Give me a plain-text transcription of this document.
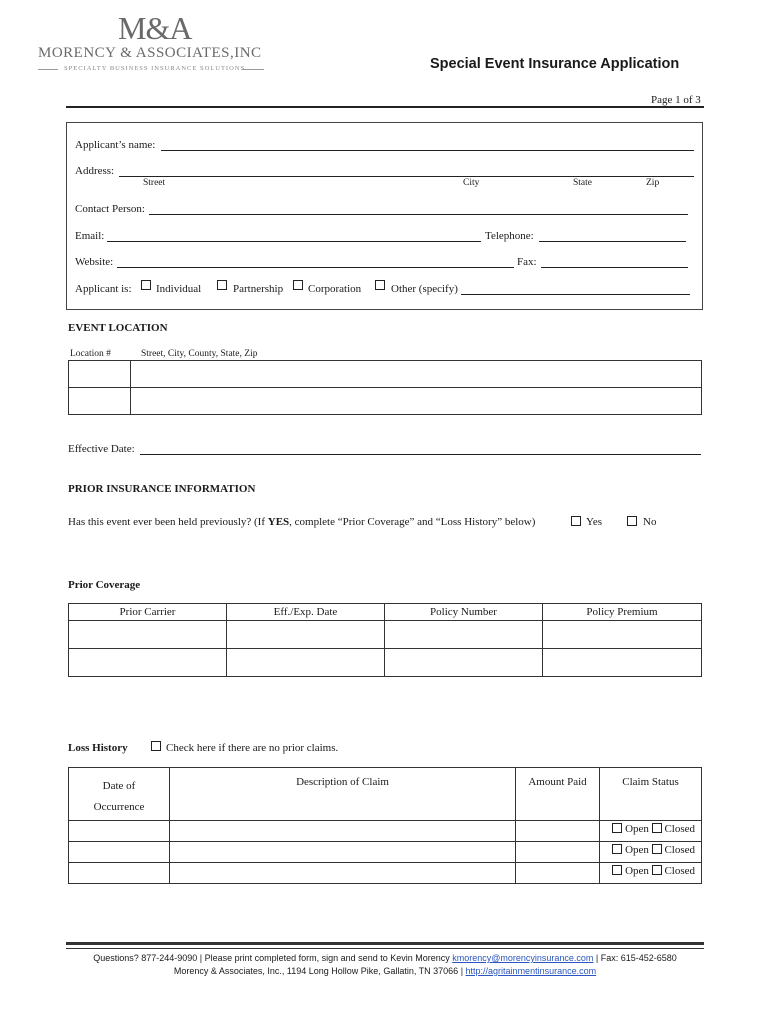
M&A
MORENCY & ASSOCIATES,INC
SPECIALTY BUSINESS INSURANCE SOLUTIONS	Special Event Insurance Application
Page 1 of 3
Applicant’s name:
Address:
Street	City	State	Zip
Contact Person:
Email:	Telephone:
Website:	Fax:
Applicant is: Individual	Partnership Corporation	Other (specify)
EVENT LOCATION
Location #	Street, City, County, State, Zip

Effective Date:
PRIOR INSURANCE INFORMATION
Has this event ever been held previously? (If YES, complete “Prior Coverage” and “Loss History” below)	Yes	No
Prior Coverage
Prior Carrier	Eff./Exp. Date	Policy Number	Policy Premium

Loss History	Check here if there are no prior claims.
Date of
Occurrence	Description of Claim	Amount Paid	Claim Status
			Open Closed
			Open Closed
			Open Closed
Questions? 877-244-9090 | Please print completed form, sign and send to Kevin Morency kmorency@morencyinsurance.com | Fax: 615-452-6580
Morency & Associates, Inc., 1194 Long Hollow Pike, Gallatin, TN 37066 | http://agritainmentinsurance.com
